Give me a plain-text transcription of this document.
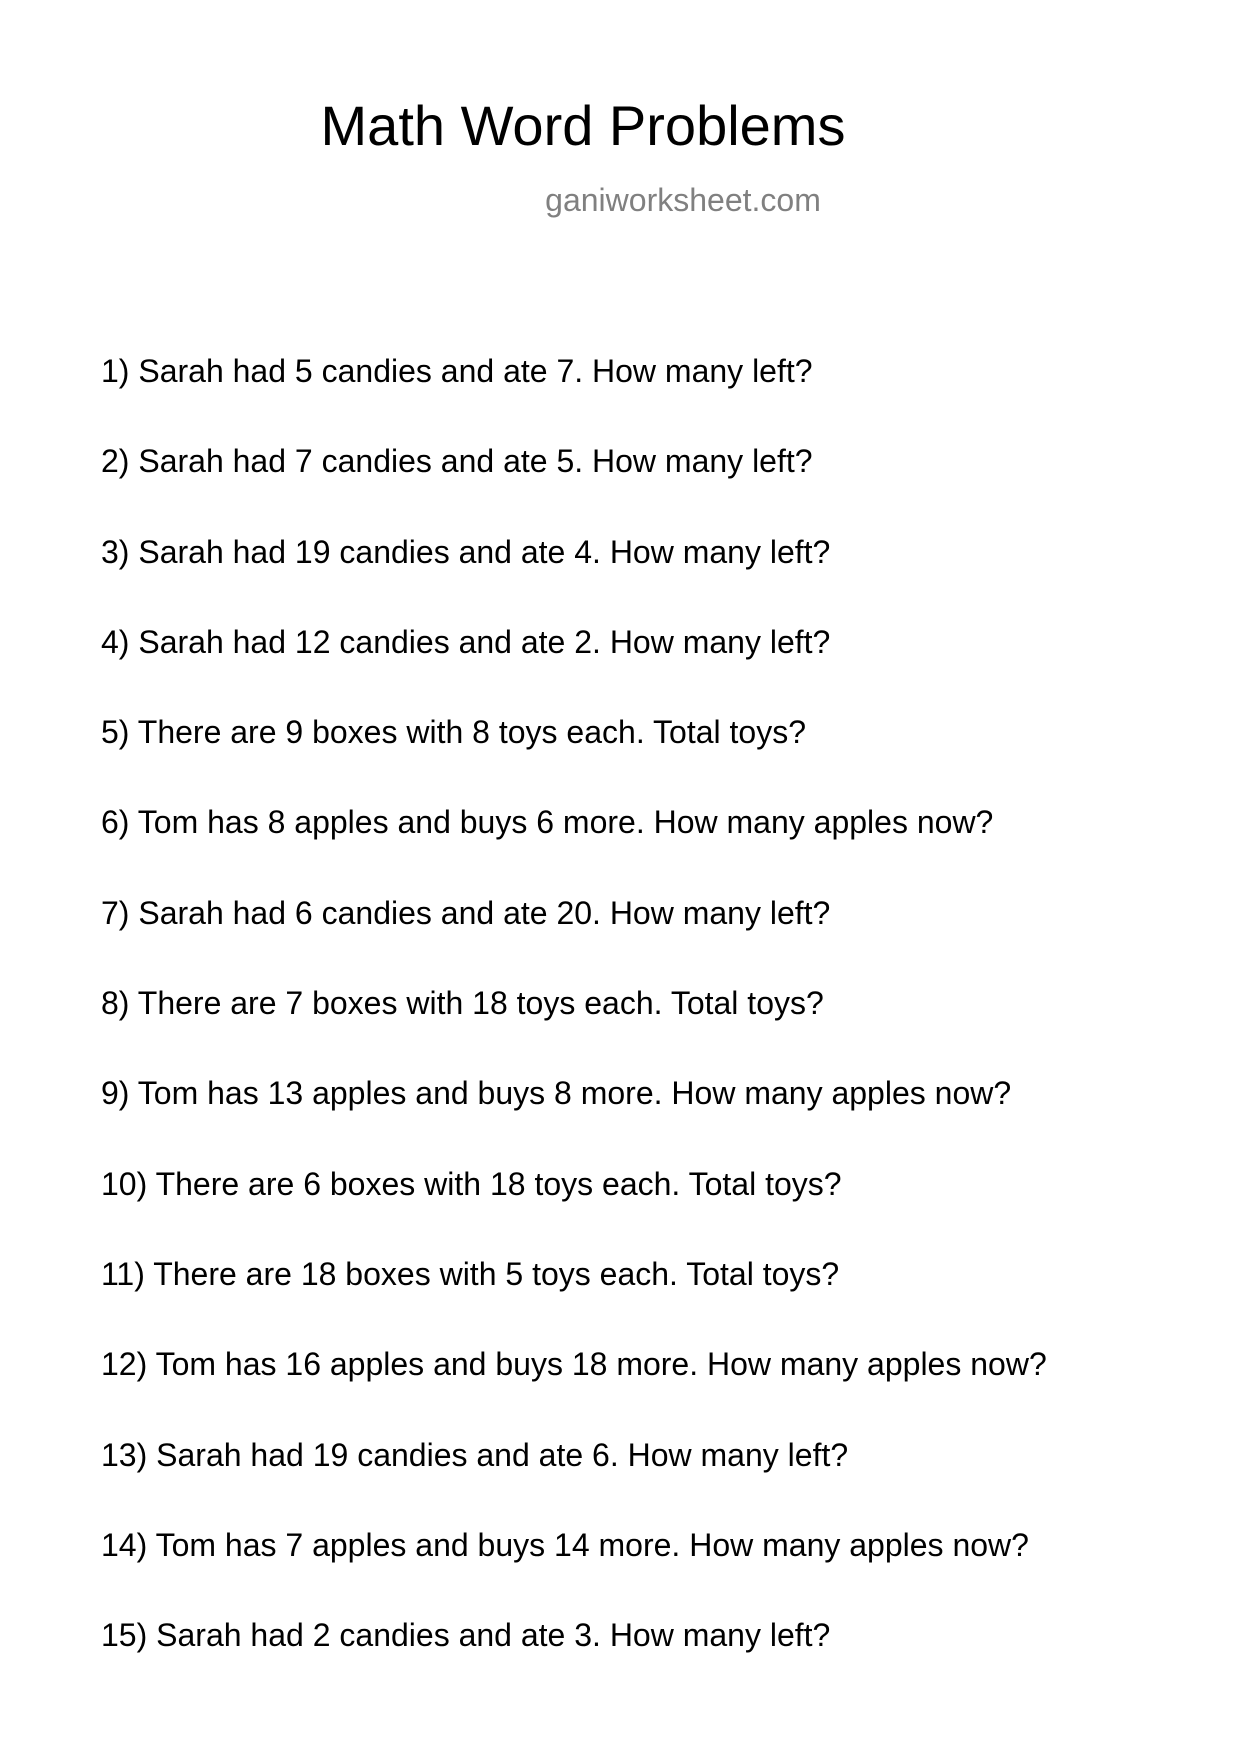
Math Word Problems
ganiworksheet.com
1) Sarah had 5 candies and ate 7. How many left?
2) Sarah had 7 candies and ate 5. How many left?
3) Sarah had 19 candies and ate 4. How many left?
4) Sarah had 12 candies and ate 2. How many left?
5) There are 9 boxes with 8 toys each. Total toys?
6) Tom has 8 apples and buys 6 more. How many apples now?
7) Sarah had 6 candies and ate 20. How many left?
8) There are 7 boxes with 18 toys each. Total toys?
9) Tom has 13 apples and buys 8 more. How many apples now?
10) There are 6 boxes with 18 toys each. Total toys?
11) There are 18 boxes with 5 toys each. Total toys?
12) Tom has 16 apples and buys 18 more. How many apples now?
13) Sarah had 19 candies and ate 6. How many left?
14) Tom has 7 apples and buys 14 more. How many apples now?
15) Sarah had 2 candies and ate 3. How many left?
